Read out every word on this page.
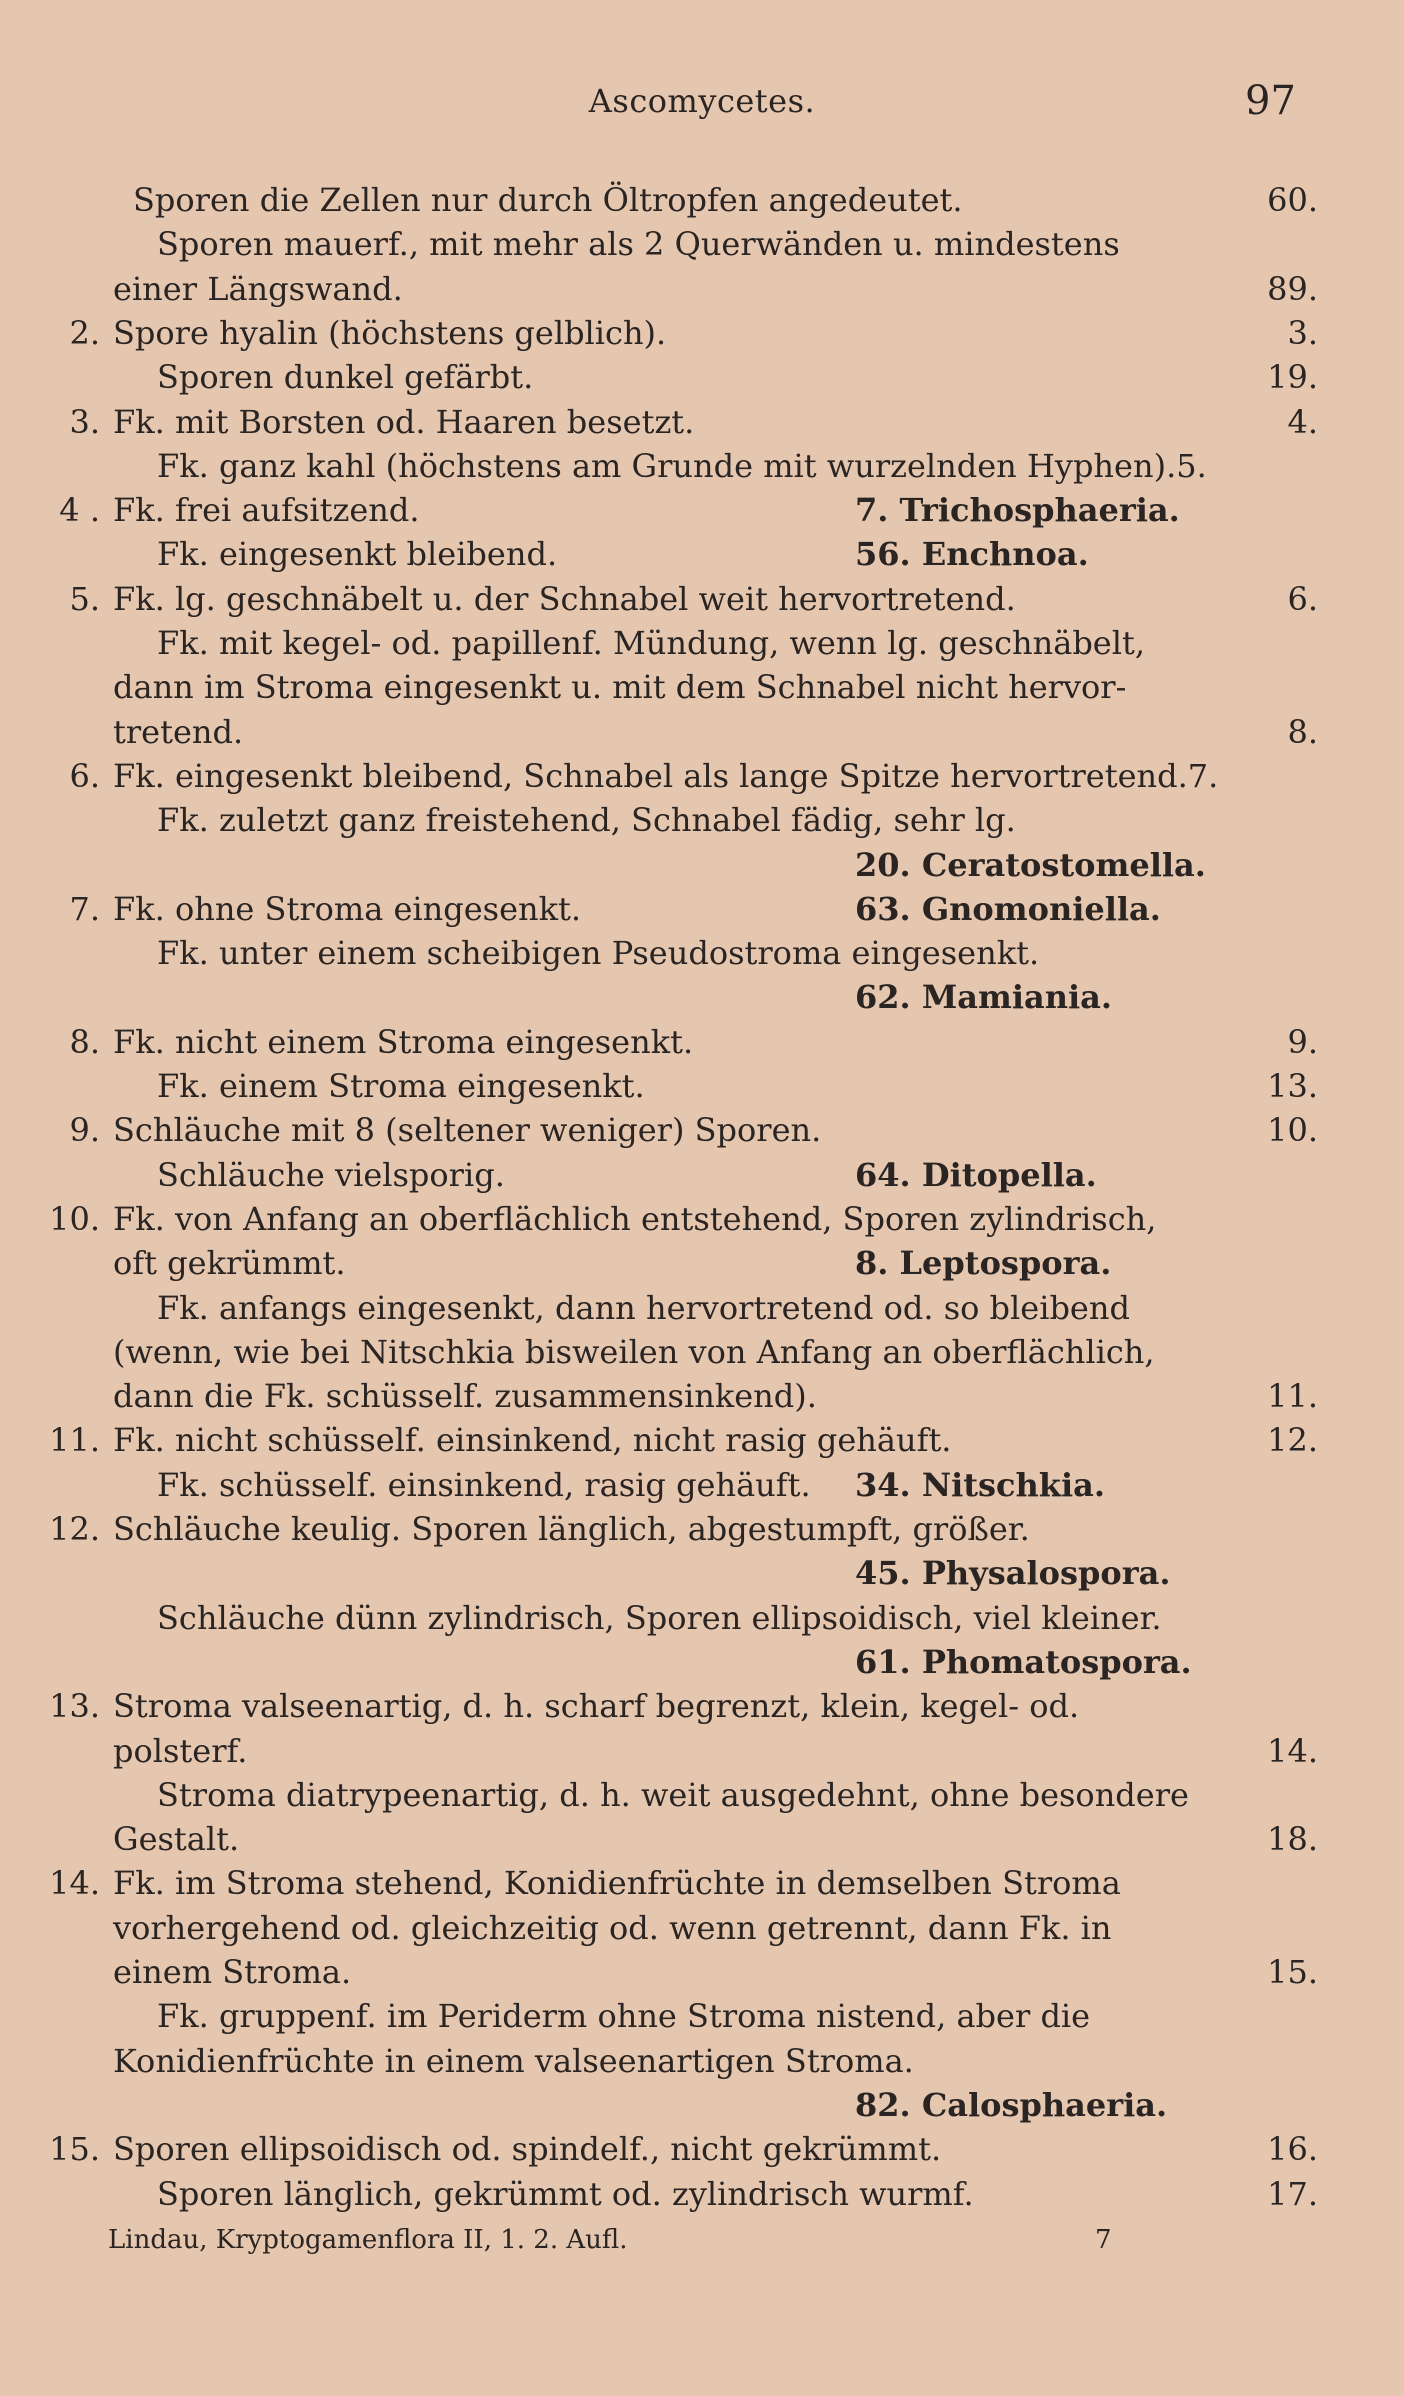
Ascomycetes.	97
Sporen die Zellen nur durch Öltropfen angedeutet.	60.
Sporen mauerf., mit mehr als 2 Querwänden u. mindestens
einer Längswand.	89.
2. Spore hyalin (höchstens gelblich).	3.
Sporen dunkel gefärbt.	19.
3. Fk. mit Borsten od. Haaren besetzt.	4.
Fk. ganz kahl (höchstens am Grunde mit wurzelnden Hyphen).5.
4 . Fk. frei aufsitzend.	7. Trichosphaeria.
Fk. eingesenkt bleibend.	56. Enchnoa.
5. Fk. lg. geschnäbelt u. der Schnabel weit hervortretend.	6.
Fk. mit kegel- od. papillenf. Mündung, wenn lg. geschnäbelt,
dann im Stroma eingesenkt u. mit dem Schnabel nicht hervor-
tretend.	8.
6. Fk. eingesenkt bleibend, Schnabel als lange Spitze hervortretend.7.
Fk. zuletzt ganz freistehend, Schnabel fädig, sehr lg.
20. Ceratostomella.
7. Fk. ohne Stroma eingesenkt.	63. Gnomoniella.
Fk. unter einem scheibigen Pseudostroma eingesenkt.
62. Mamiania.
8. Fk. nicht einem Stroma eingesenkt.	9.
Fk. einem Stroma eingesenkt.	13.
9. Schläuche mit 8 (seltener weniger) Sporen.	10.
Schläuche vielsporig.	64. Ditopella.
10. Fk. von Anfang an oberflächlich entstehend, Sporen zylindrisch,
oft gekrümmt.	8. Leptospora.
Fk. anfangs eingesenkt, dann hervortretend od. so bleibend
(wenn, wie bei Nitschkia bisweilen von Anfang an oberflächlich,
dann die Fk. schüsself. zusammensinkend).	11.
11. Fk. nicht schüsself. einsinkend, nicht rasig gehäuft.	12.
Fk. schüsself. einsinkend, rasig gehäuft. 34. Nitschkia.
12. Schläuche keulig. Sporen länglich, abgestumpft, größer.
45. Physalospora.
Schläuche dünn zylindrisch, Sporen ellipsoidisch, viel kleiner.
61. Phomatospora.
13. Stroma valseenartig, d. h. scharf begrenzt, klein, kegel- od.
polsterf.	14.
Stroma diatrypeenartig, d. h. weit ausgedehnt, ohne besondere
Gestalt.	18.
14. Fk. im Stroma stehend, Konidienfrüchte in demselben Stroma
vorhergehend od. gleichzeitig od. wenn getrennt, dann Fk. in
einem Stroma.	15.
Fk. gruppenf. im Periderm ohne Stroma nistend, aber die
Konidienfrüchte in einem valseenartigen Stroma.
82. Calosphaeria.
15. Sporen ellipsoidisch od. spindelf., nicht gekrümmt.	16.
Sporen länglich, gekrümmt od. zylindrisch wurmf.	17.
Lindau, Kryptogamenflora II, 1. 2. Aufl.	7
